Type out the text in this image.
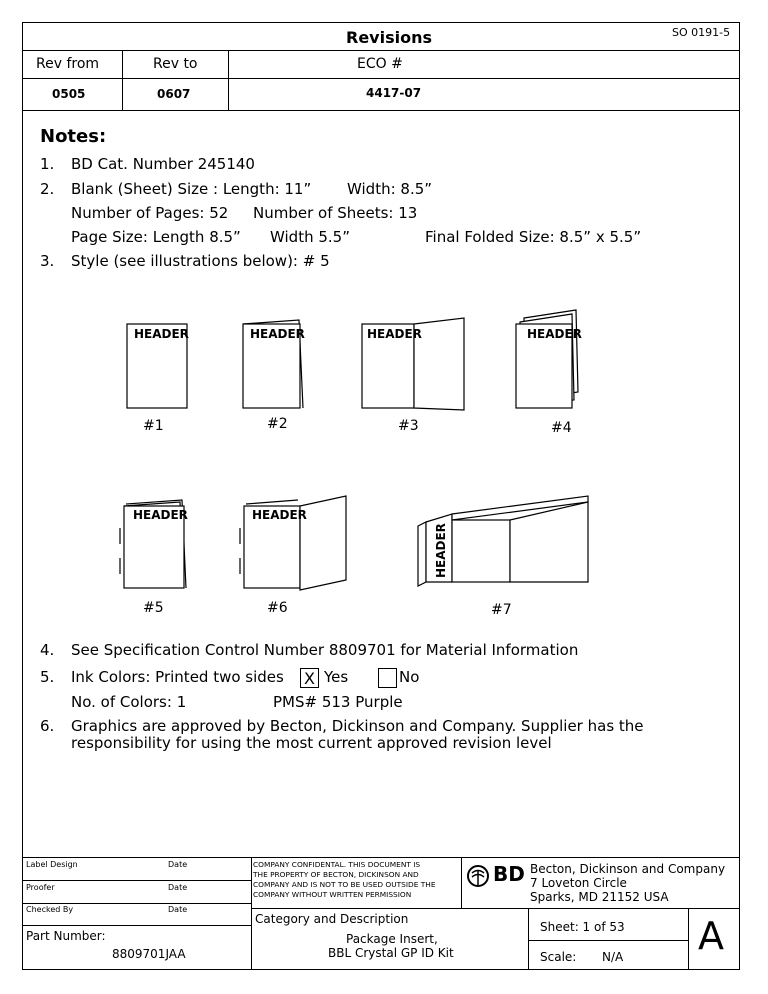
SO 0191-5
Revisions
Rev from	Rev to	ECO #
0505	0607	4417-07
Notes:
1. BD Cat. Number 245140
2. Blank (Sheet) Size : Length: 11” Width: 8.5”
Number of Pages: 52 Number of Sheets: 13
Page Size: Length 8.5” Width 5.5”	Final Folded Size: 8.5” x 5.5”
3. Style (see illustrations below): # 5
HEADER	HEADER	HEADER	HEADER
HEADER	HEADER
HEADER
#1	#2	#3	#4
#5	#6	#7
4. See Specification Control Number 8809701 for Material Information
5. Ink Colors: Printed two sides X Yes	No
No. of Colors: 1	PMS# 513 Purple
6. Graphics are approved by Becton, Dickinson and Company. Supplier has the
responsibility for using the most current approved revision level
Label Design	Date
Proofer	Date
Checked By	Date
Part Number:
8809701JAA
COMPANY CONFIDENTAL. THIS DOCUMENT IS
THE PROPERTY OF BECTON, DICKINSON AND
COMPANY AND IS NOT TO BE USED OUTSIDE THE
COMPANY WITHOUT WRITTEN PERMISSION
BD Becton, Dickinson and Company
7 Loveton Circle
Sparks, MD 21152 USA
Category and Description
Package Insert,
BBL Crystal GP ID Kit
Sheet: 1 of 53
Scale: N/A A
